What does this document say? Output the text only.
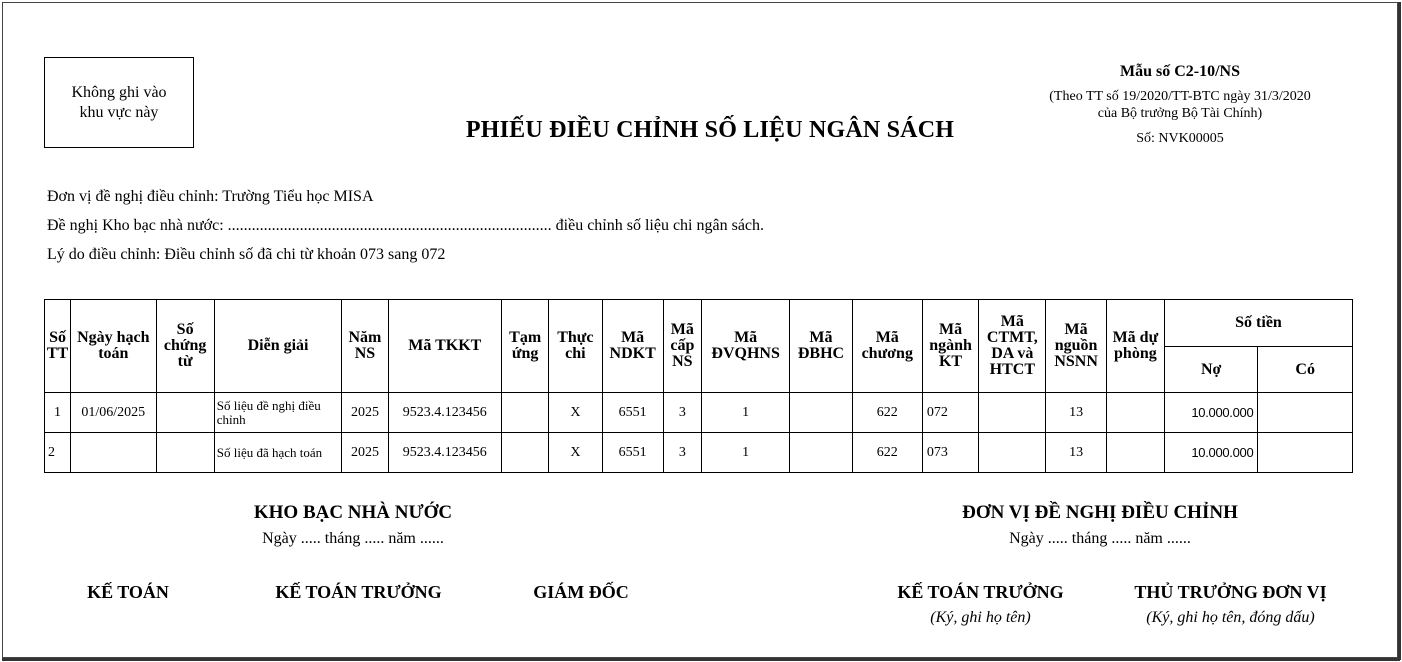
Không ghi vào
khu vực này
PHIẾU ĐIỀU CHỈNH SỐ LIỆU NGÂN SÁCH
Mẫu số C2-10/NS
(Theo TT số 19/2020/TT-BTC ngày 31/3/2020
của Bộ trưởng Bộ Tài Chính)
Số: NVK00005
Đơn vị đề nghị điều chỉnh: Trường Tiểu học MISA
Đề nghị Kho bạc nhà nước: ................................................................................. điều chỉnh số liệu chi ngân sách.
Lý do điều chỉnh: Điều chỉnh số đã chi từ khoản 073 sang 072
Số TT	Ngày hạch toán	Số chứng từ	Diễn giải	Năm NS	Mã TKKT	Tạm ứng	Thực chi	Mã NDKT	Mã cấp NS	Mã ĐVQHNS	Mã ĐBHC	Mã chương	Mã ngành KT	Mã CTMT, DA và HTCT	Mã nguồn NSNN	Mã dự phòng	Số tiền	
																	Nợ	Có
1	01/06/2025		Số liệu đề nghị điều chỉnh	2025	9523.4.123456		X	6551	3	1		622	072		13		10.000.000	
2			Số liệu đã hạch toán	2025	9523.4.123456		X	6551	3	1		622	073		13		10.000.000	
KHO BẠC NHÀ NƯỚC
Ngày ..... tháng ..... năm ......
ĐƠN VỊ ĐỀ NGHỊ ĐIỀU CHỈNH
Ngày ..... tháng ..... năm ......
KẾ TOÁN	KẾ TOÁN TRƯỞNG	GIÁM ĐỐC	KẾ TOÁN TRƯỞNG
(Ký, ghi họ tên)
THỦ TRƯỞNG ĐƠN VỊ
(Ký, ghi họ tên, đóng dấu)
